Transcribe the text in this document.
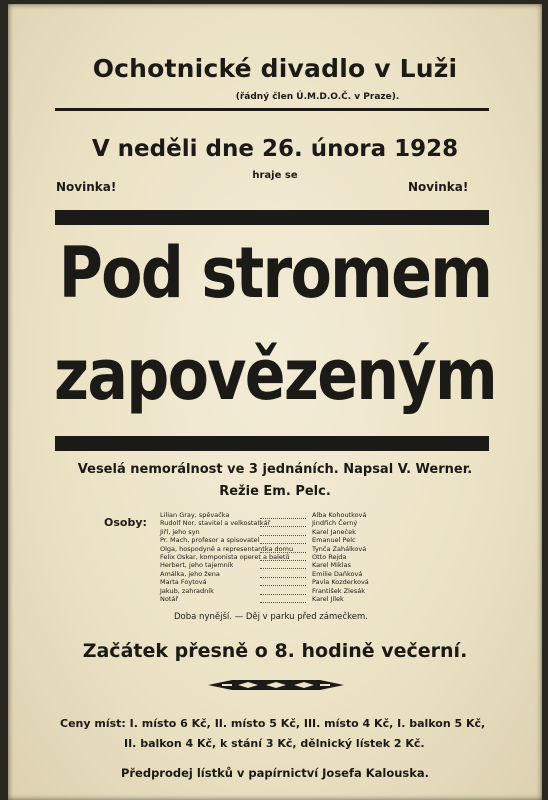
Ochotnické divadlo v Luži
(řádný člen Ú.M.D.O.Č. v Praze).
V neděli dne 26. února 1928
hraje se
Novinka!	Novinka!
Pod stromem
zapovězeným
Veselá nemorálnost ve 3 jednáních. Napsal V. Werner.
Režie Em. Pelc.
Osoby:
Lilian Gray, spěvačka	Alba Kohoutková
Rudolf Nor, stavitel a velkostatkář	Jindřich Černý
Jiří, jeho syn	Karel Janeček
Pr. Mach, profesor a spisovatel	Emanuel Pelc
Olga, hospodyně a representantka domu	Tynča Zahálková
Felix Oskar, komponista operet a baletů	Otto Rejda
Herbert, jeho tajemník	Karel Miklas
Amálka, jeho žena	Emilie Daňková
Marta Foytová	Pavla Kozderková
Jakub, zahradník	František Zlesák
Notář	Karel Jílek
Doba nynější. — Děj v parku před zámečkem.
Začátek přesně o 8. hodině večerní.
Ceny míst: I. místo 6 Kč, II. místo 5 Kč, III. místo 4 Kč, I. balkon 5 Kč,
II. balkon 4 Kč, k stání 3 Kč, dělnický lístek 2 Kč.
Předprodej lístků v papírnictví Josefa Kalouska.
